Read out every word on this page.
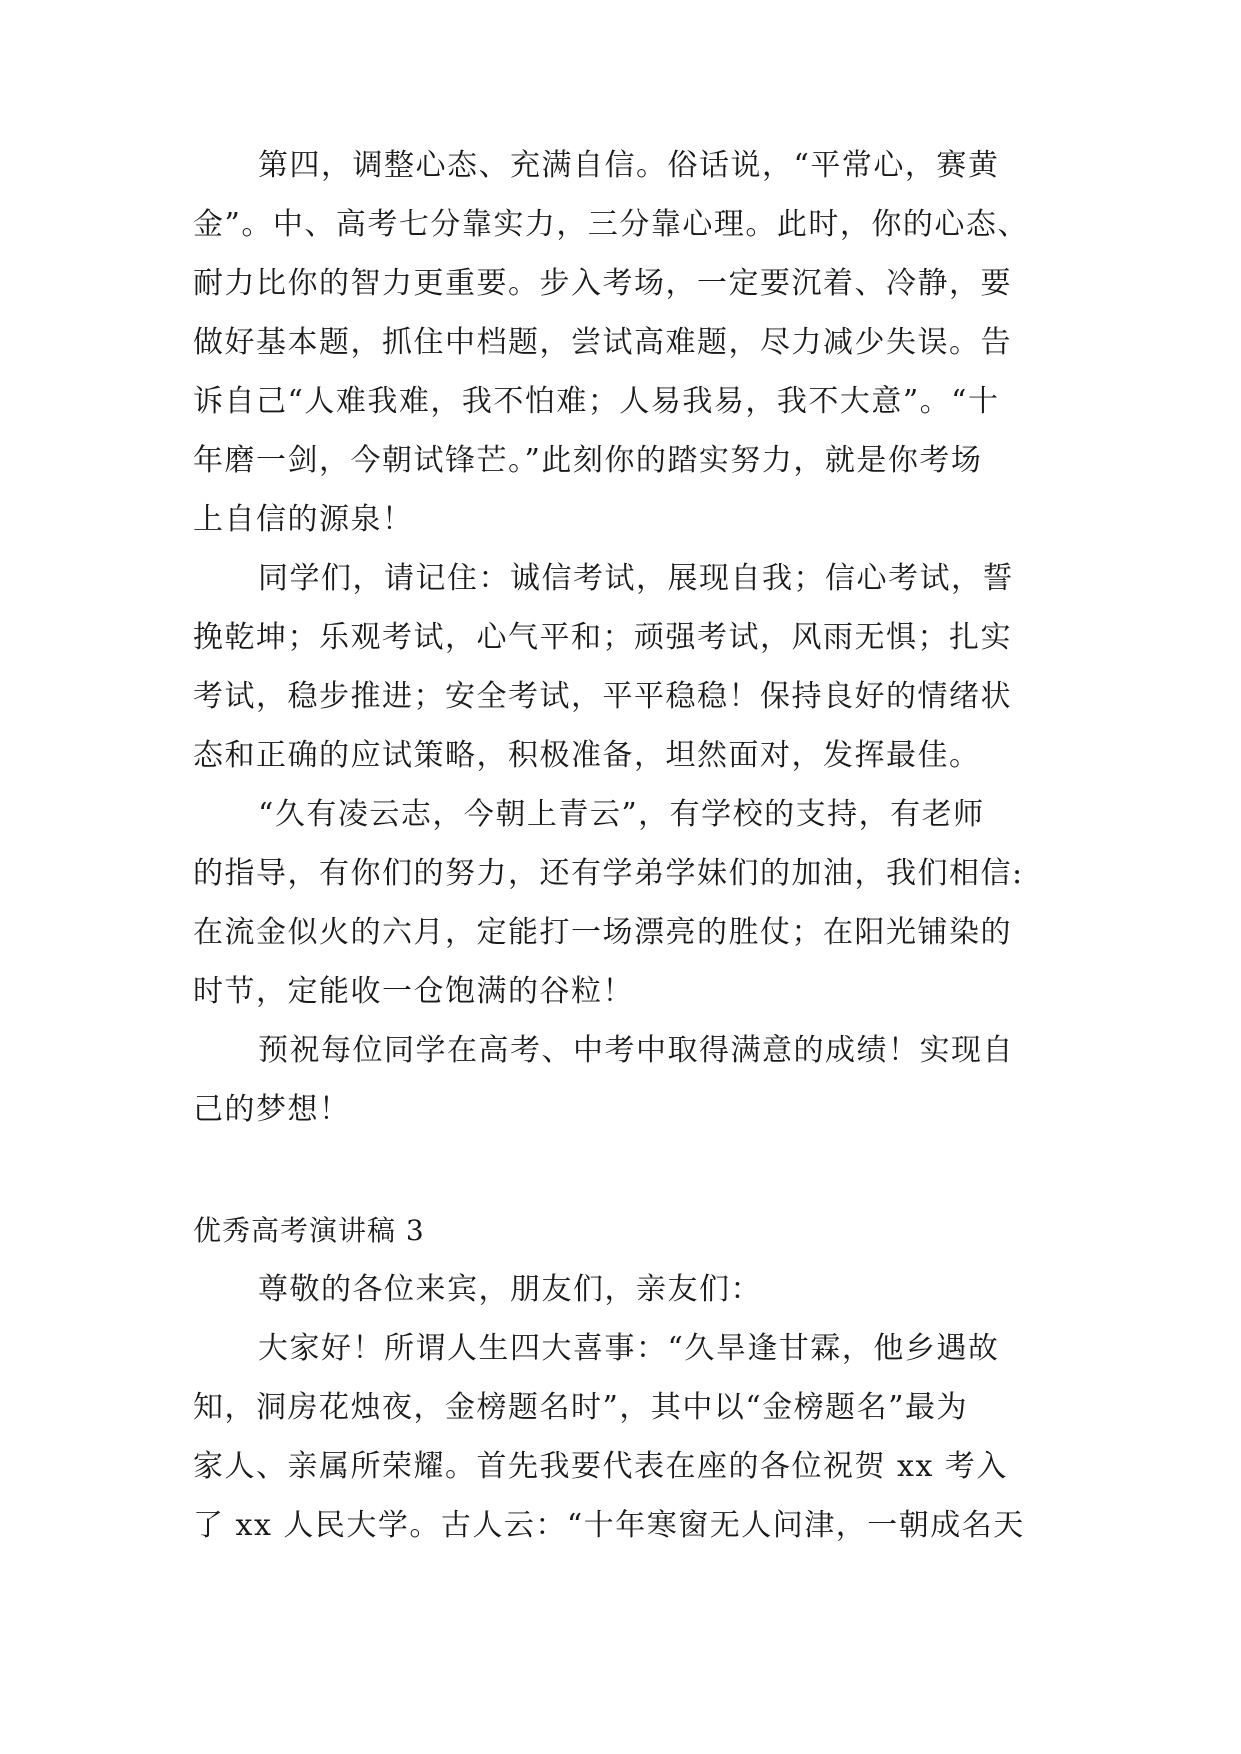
第四，调整心态、充满自信。俗话说，“平常心，赛黄

金”。中、高考七分靠实力，三分靠心理。此时，你的心态、

耐力比你的智力更重要。步入考场，一定要沉着、冷静，要

做好基本题，抓住中档题，尝试高难题，尽力减少失误。告

诉自己“人难我难，我不怕难；人易我易，我不大意”。“十

年磨一剑，今朝试锋芒。”此刻你的踏实努力，就是你考场

上自信的源泉！

同学们，请记住：诚信考试，展现自我；信心考试，誓

挽乾坤；乐观考试，心气平和；顽强考试，风雨无惧；扎实

考试，稳步推进；安全考试，平平稳稳！保持良好的情绪状

态和正确的应试策略，积极准备，坦然面对，发挥最佳。

“久有凌云志，今朝上青云”，有学校的支持，有老师

的指导，有你们的努力，还有学弟学妹们的加油，我们相信:

在流金似火的六月，定能打一场漂亮的胜仗；在阳光铺染的

时节，定能收一仓饱满的谷粒！

预祝每位同学在高考、中考中取得满意的成绩！实现自

己的梦想！

优秀高考演讲稿 3

尊敬的各位来宾，朋友们，亲友们：

大家好！所谓人生四大喜事：“久旱逢甘霖，他乡遇故

知，洞房花烛夜，金榜题名时”，其中以“金榜题名”最为

家人、亲属所荣耀。首先我要代表在座的各位祝贺 xx 考入

了 xx 人民大学。古人云：“十年寒窗无人问津，一朝成名天
